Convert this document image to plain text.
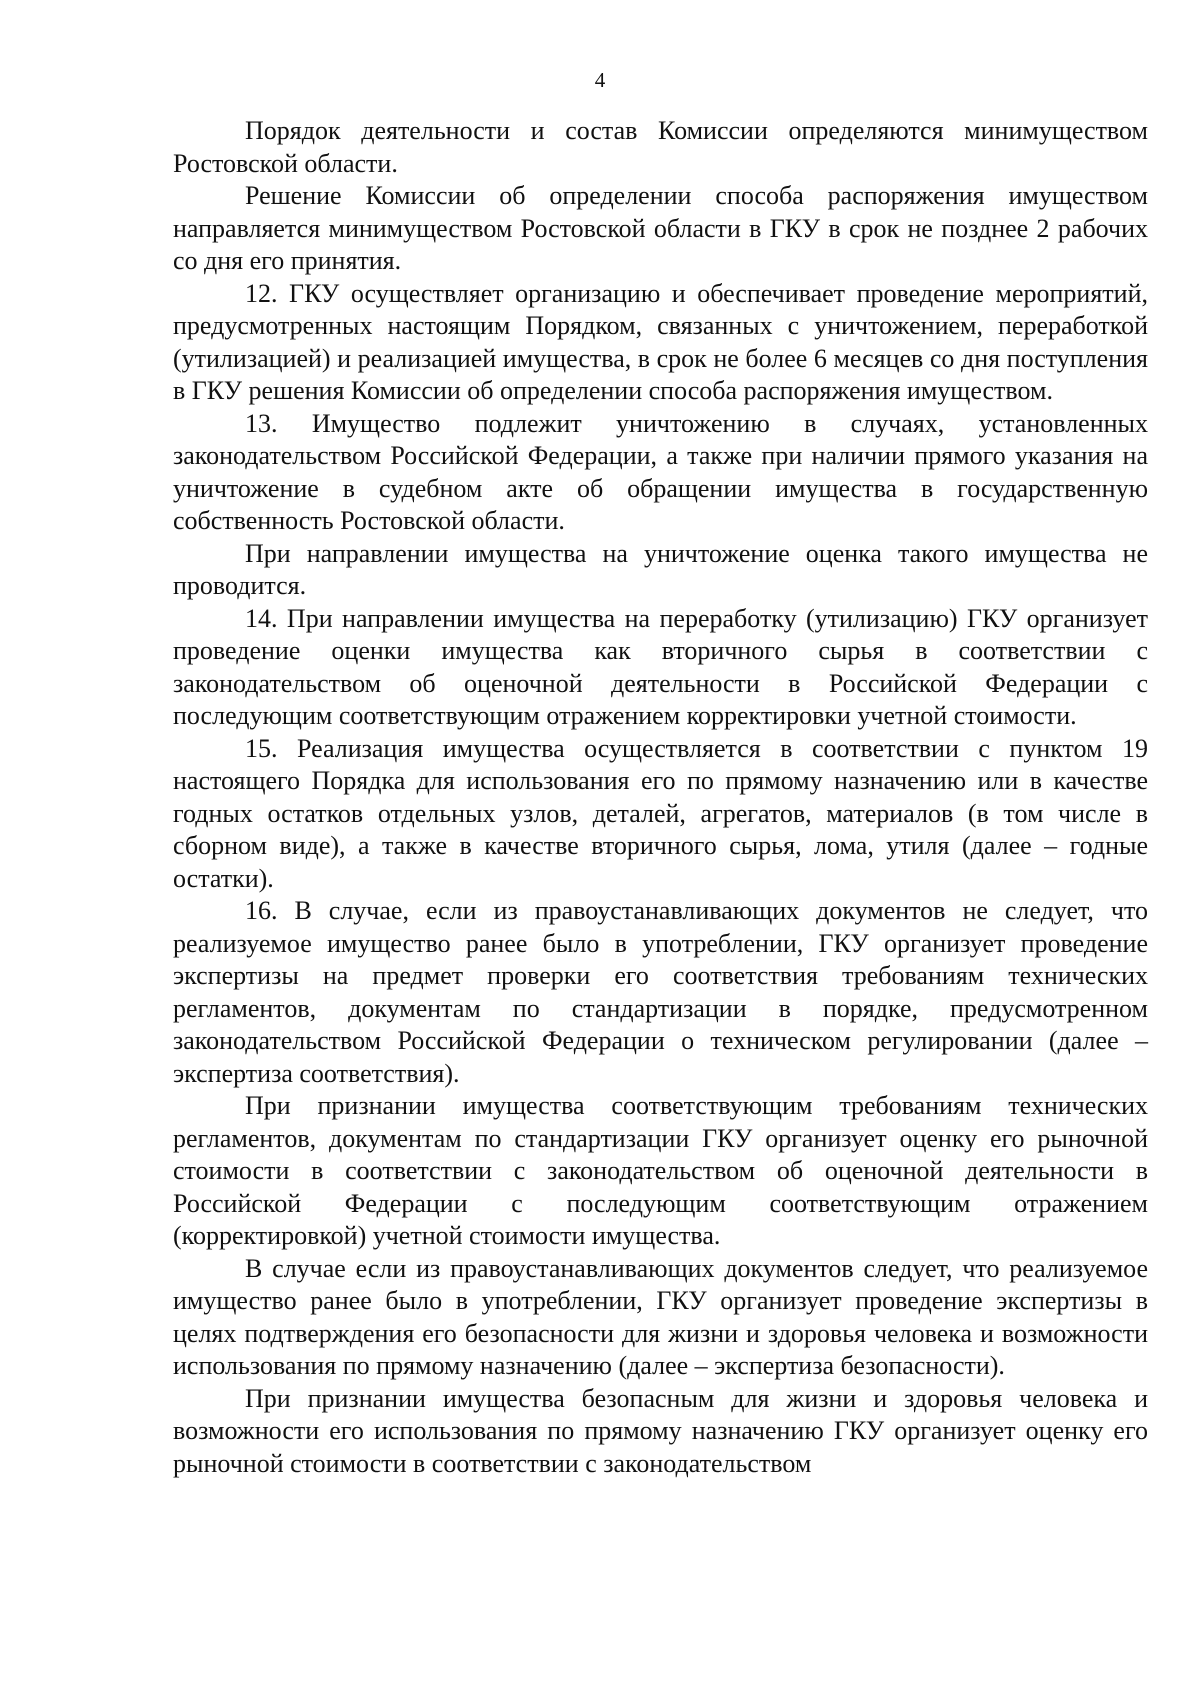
4

Порядок деятельности и состав Комиссии определяются минимуществом Ростовской области.

Решение Комиссии об определении способа распоряжения имуществом направляется минимуществом Ростовской области в ГКУ в срок не позднее 2 рабочих со дня его принятия.

12. ГКУ осуществляет организацию и обеспечивает проведение мероприятий, предусмотренных настоящим Порядком, связанных с уничтожением, переработкой (утилизацией) и реализацией имущества, в срок не более 6 месяцев со дня поступления в ГКУ решения Комиссии об определении способа распоряжения имуществом.

13. Имущество подлежит уничтожению в случаях, установленных законодательством Российской Федерации, а также при наличии прямого указания на уничтожение в судебном акте об обращении имущества в государственную собственность Ростовской области.

При направлении имущества на уничтожение оценка такого имущества не проводится.

14. При направлении имущества на переработку (утилизацию) ГКУ организует проведение оценки имущества как вторичного сырья в соответствии с законодательством об оценочной деятельности в Российской Федерации с последующим соответствующим отражением корректировки учетной стоимости.

15. Реализация имущества осуществляется в соответствии с пунктом 19 настоящего Порядка для использования его по прямому назначению или в качестве годных остатков отдельных узлов, деталей, агрегатов, материалов (в том числе в сборном виде), а также в качестве вторичного сырья, лома, утиля (далее – годные остатки).

16. В случае, если из правоустанавливающих документов не следует, что реализуемое имущество ранее было в употреблении, ГКУ организует проведение экспертизы на предмет проверки его соответствия требованиям технических регламентов, документам по стандартизации в порядке, предусмотренном законодательством Российской Федерации о техническом регулировании (далее – экспертиза соответствия).

При признании имущества соответствующим требованиям технических регламентов, документам по стандартизации ГКУ организует оценку его рыночной стоимости в соответствии с законодательством об оценочной деятельности в Российской Федерации с последующим соответствующим отражением (корректировкой) учетной стоимости имущества.

В случае если из правоустанавливающих документов следует, что реализуемое имущество ранее было в употреблении, ГКУ организует проведение экспертизы в целях подтверждения его безопасности для жизни и здоровья человека и возможности использования по прямому назначению (далее – экспертиза безопасности).

При признании имущества безопасным для жизни и здоровья человека и возможности его использования по прямому назначению ГКУ организует оценку его рыночной стоимости в соответствии с законодательством
